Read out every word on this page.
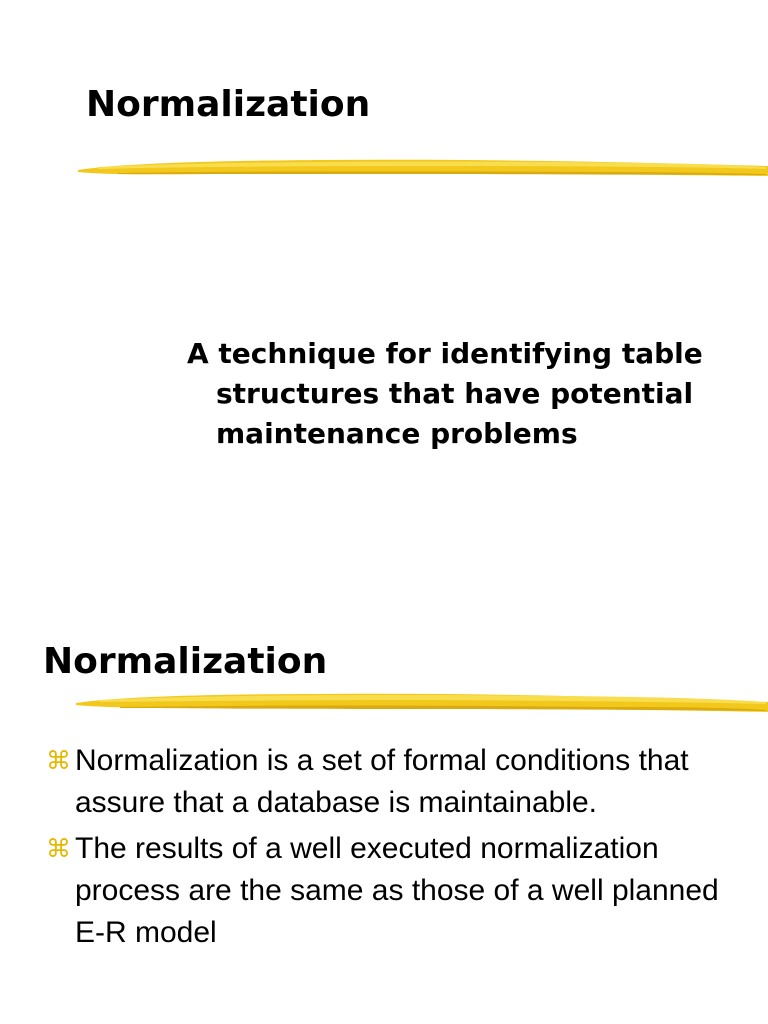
Normalization

A technique for identifying table structures that have potential maintenance problems

Normalization
⌘ Normalization is a set of formal conditions that assure that a database is maintainable.
⌘ The results of a well executed normalization process are the same as those of a well planned E-R model
